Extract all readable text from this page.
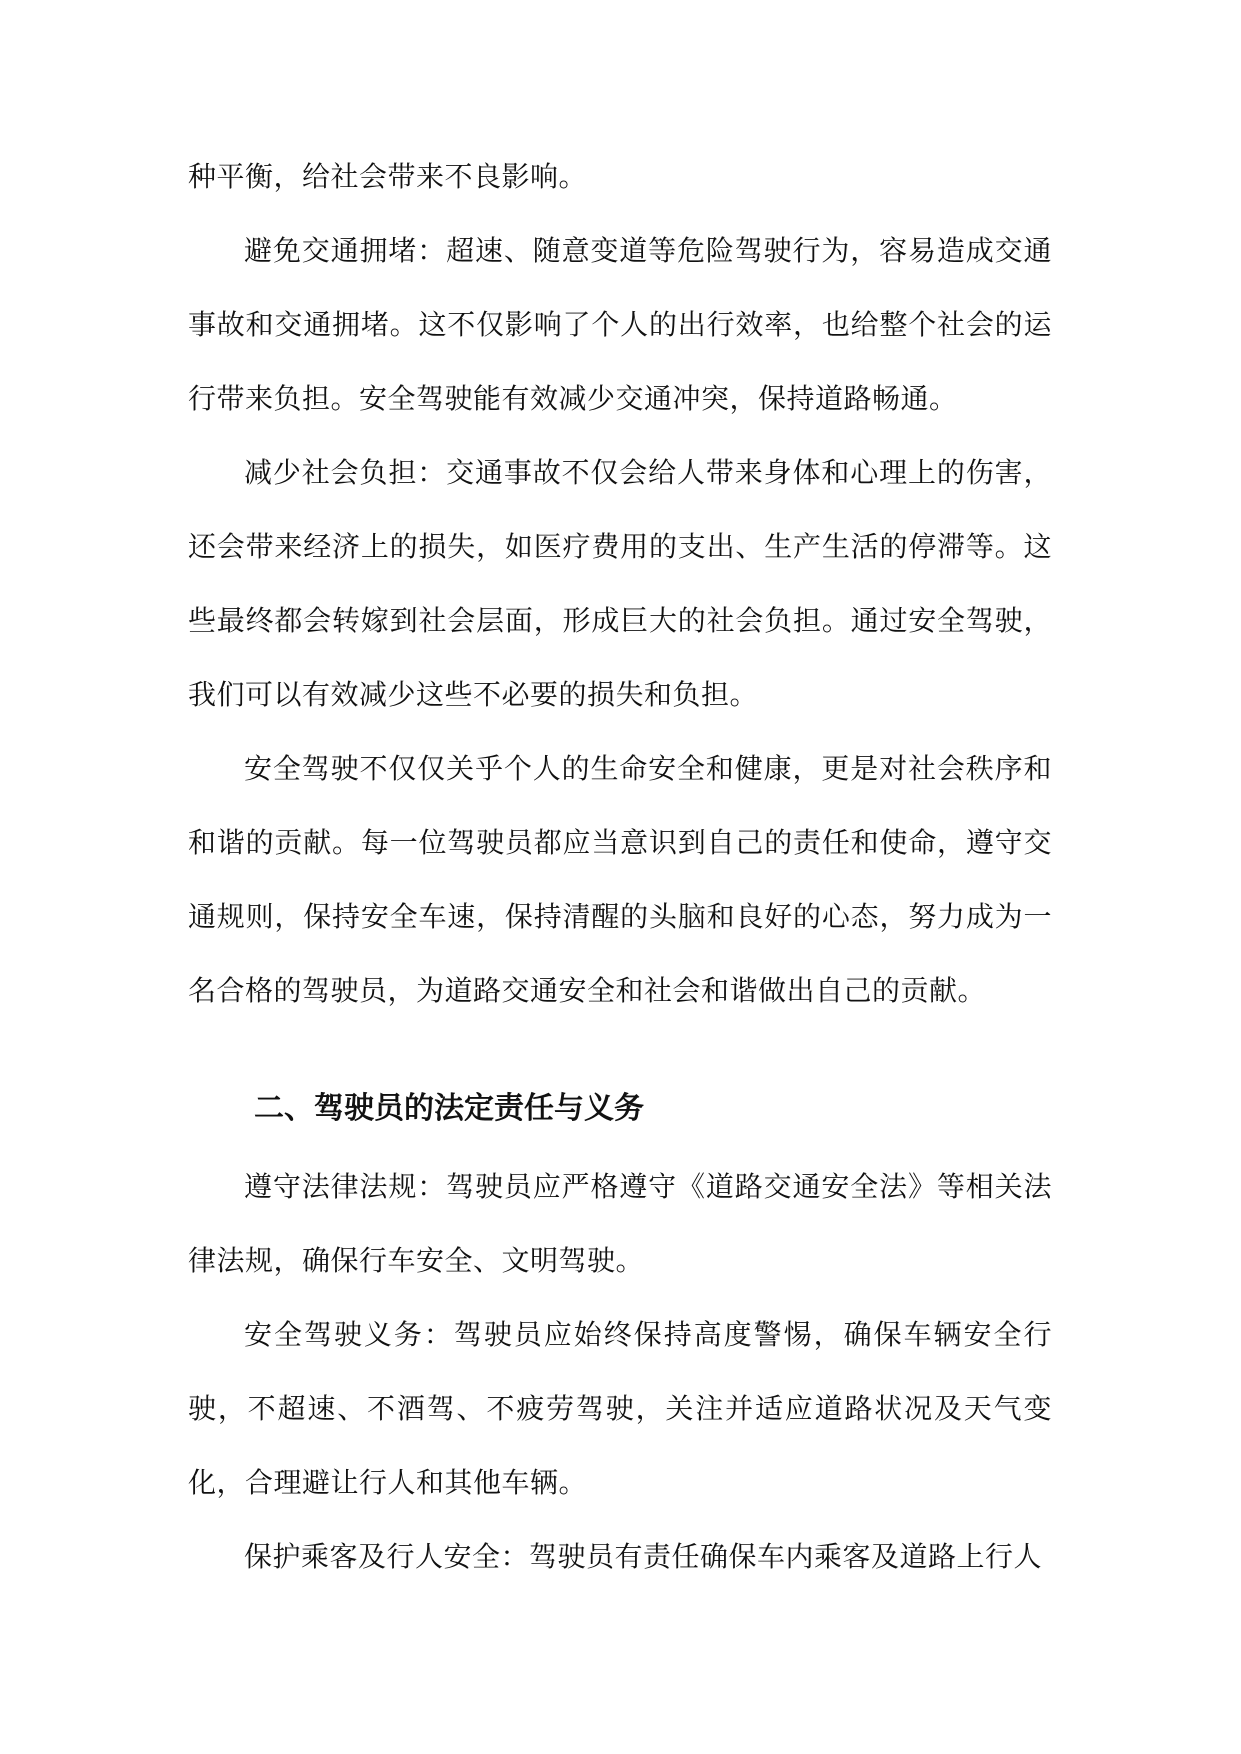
种平衡，给社会带来不良影响。

避免交通拥堵：超速、随意变道等危险驾驶行为，容易造成交通事故和交通拥堵。这不仅影响了个人的出行效率，也给整个社会的运行带来负担。安全驾驶能有效减少交通冲突，保持道路畅通。

减少社会负担：交通事故不仅会给人带来身体和心理上的伤害，还会带来经济上的损失，如医疗费用的支出、生产生活的停滞等。这些最终都会转嫁到社会层面，形成巨大的社会负担。通过安全驾驶，我们可以有效减少这些不必要的损失和负担。

安全驾驶不仅仅关乎个人的生命安全和健康，更是对社会秩序和和谐的贡献。每一位驾驶员都应当意识到自己的责任和使命，遵守交通规则，保持安全车速，保持清醒的头脑和良好的心态，努力成为一名合格的驾驶员，为道路交通安全和社会和谐做出自己的贡献。

二、驾驶员的法定责任与义务

遵守法律法规：驾驶员应严格遵守《道路交通安全法》等相关法律法规，确保行车安全、文明驾驶。

安全驾驶义务：驾驶员应始终保持高度警惕，确保车辆安全行驶，不超速、不酒驾、不疲劳驾驶，关注并适应道路状况及天气变化，合理避让行人和其他车辆。

保护乘客及行人安全：驾驶员有责任确保车内乘客及道路上行人
